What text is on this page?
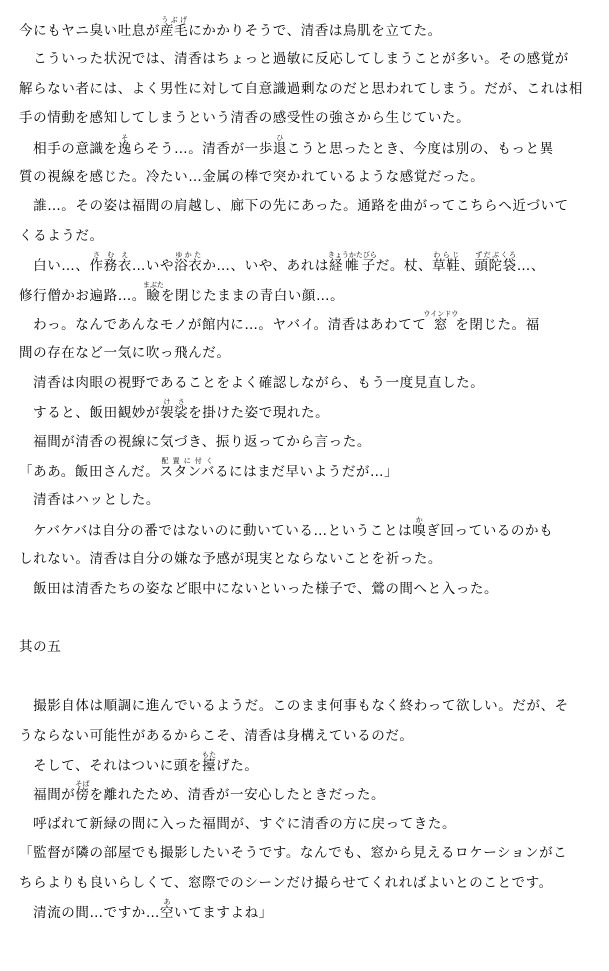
今にもヤニ臭い吐息が産毛うぶげにかかりそうで、清香は鳥肌を立てた。
　こういった状況では、清香はちょっと過敏に反応してしまうことが多い。その感覚が
解らない者には、よく男性に対して自意識過剰なのだと思われてしまう。だが、これは相
手の情動を感知してしまうという清香の感受性の強さから生じていた。
　相手の意識を逸そらそう…。清香が一歩退ひこうと思ったとき、今度は別の、もっと異
質の視線を感じた。冷たい…金属の棒で突かれているような感覚だった。
　誰…。その姿は福間の肩越し、廊下の先にあった。通路を曲がってこちらへ近づいて
くるようだ。
　白い…、作務衣さむえ…いや浴衣ゆかたか…、いや、あれは経帷子きょうかたびらだ。杖、草鞋わらじ、頭陀袋ずだぶくろ…、
修行僧かお遍路…。瞼まぶたを閉じたままの青白い顔…。
　わっ。なんであんなモノが館内に…。ヤバイ。清香はあわてて窓ウインドウを閉じた。福
間の存在など一気に吹っ飛んだ。
　清香は肉眼の視野であることをよく確認しながら、もう一度見直した。
　すると、飯田観妙が袈裟けさを掛けた姿で現れた。
　福間が清香の視線に気づき、振り返ってから言った。
「ああ。飯田さんだ。スタンバ配置に付くるにはまだ早いようだが…」
　清香はハッとした。
　ケバケバは自分の番ではないのに動いている…ということは嗅かぎ回っているのかも
しれない。清香は自分の嫌な予感が現実とならないことを祈った。
　飯田は清香たちの姿など眼中にないといった様子で、鶯の間へと入った。
其の五
　撮影自体は順調に進んでいるようだ。このまま何事もなく終わって欲しい。だが、そ
うならない可能性があるからこそ、清香は身構えているのだ。
　そして、それはついに頭を擡もたげた。
　福間が傍そばを離れたため、清香が一安心したときだった。
　呼ばれて新緑の間に入った福間が、すぐに清香の方に戻ってきた。
「監督が隣の部屋でも撮影したいそうです。なんでも、窓から見えるロケーションがこ
ちらよりも良いらしくて、窓際でのシーンだけ撮らせてくれればよいとのことです。
　清流の間…ですか…空あいてますよね」
